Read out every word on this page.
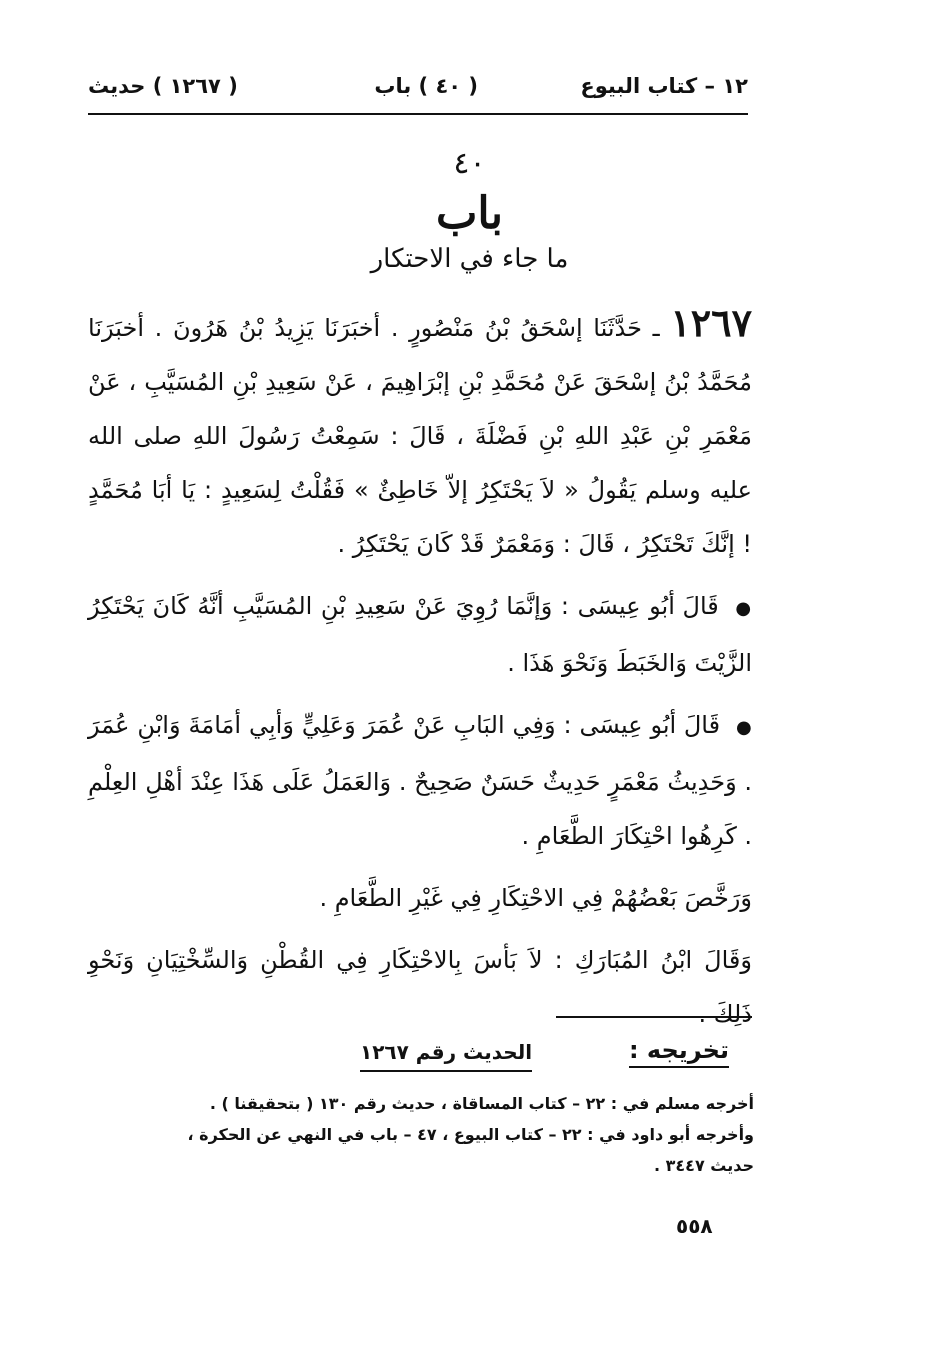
١٢ – كتاب البيوع
( ٤٠ ) باب
( ١٢٦٧ ) حديث
٤٠
باب
ما جاء في الاحتكار

١٢٦٧ ـ حَدَّثَنَا إسْحَقُ بْنُ مَنْصُورٍ . أخبَرَنَا يَزِيدُ بْنُ هَرُونَ . أخبَرَنَا مُحَمَّدُ بْنُ إسْحَقَ عَنْ مُحَمَّدِ بْنِ إبْرَاهِيمَ ، عَنْ سَعِيدِ بْنِ المُسَيَّبِ ، عَنْ مَعْمَرِ بْنِ عَبْدِ اللهِ بْنِ فَضْلَةَ ، قَالَ : سَمِعْتُ رَسُولَ اللهِ صلى الله عليه وسلم يَقُولُ « لاَ يَحْتَكِرُ إلاّ خَاطِئٌ » فَقُلْتُ لِسَعِيدٍ : يَا أبَا مُحَمَّدٍ ! إنَّكَ تَحْتَكِرُ ، قَالَ : وَمَعْمَرٌ قَدْ كَانَ يَحْتَكِرُ .

● قَالَ أبُو عِيسَى : وَإنَّمَا رُوِيَ عَنْ سَعِيدِ بْنِ المُسَيَّبِ أنَّهُ كَانَ يَحْتَكِرُ الزَّيْتَ وَالخَبَطَ وَنَحْوَ هَذَا .

● قَالَ أبُو عِيسَى : وَفِي البَابِ عَنْ عُمَرَ وَعَلِيٍّ وَأبِي أمَامَةَ وَابْنِ عُمَرَ . وَحَدِيثُ مَعْمَرٍ حَدِيثٌ حَسَنٌ صَحِيحٌ . وَالعَمَلُ عَلَى هَذَا عِنْدَ أهْلِ العِلْمِ . كَرِهُوا احْتِكَارَ الطَّعَامِ .

وَرَخَّصَ بَعْضُهُمْ فِي الاحْتِكَارِ فِي غَيْرِ الطَّعَامِ .

وَقَالَ ابْنُ المُبَارَكِ : لاَ بَأسَ بِالاحْتِكَارِ فِي القُطْنِ وَالسِّخْتِيَانِ وَنَحْوِ ذَلِكَ .

تخريجه :
الحديث رقم ١٢٦٧

أخرجه مسلم في : ٢٢ – كتاب المساقاة ، حديث رقم ١٣٠ ( بتحقيقنا ) .

وأخرجه أبو داود في : ٢٢ – كتاب البيوع ، ٤٧ – باب في النهي عن الحكرة ، حديث ٣٤٤٧ .

٥٥٨
